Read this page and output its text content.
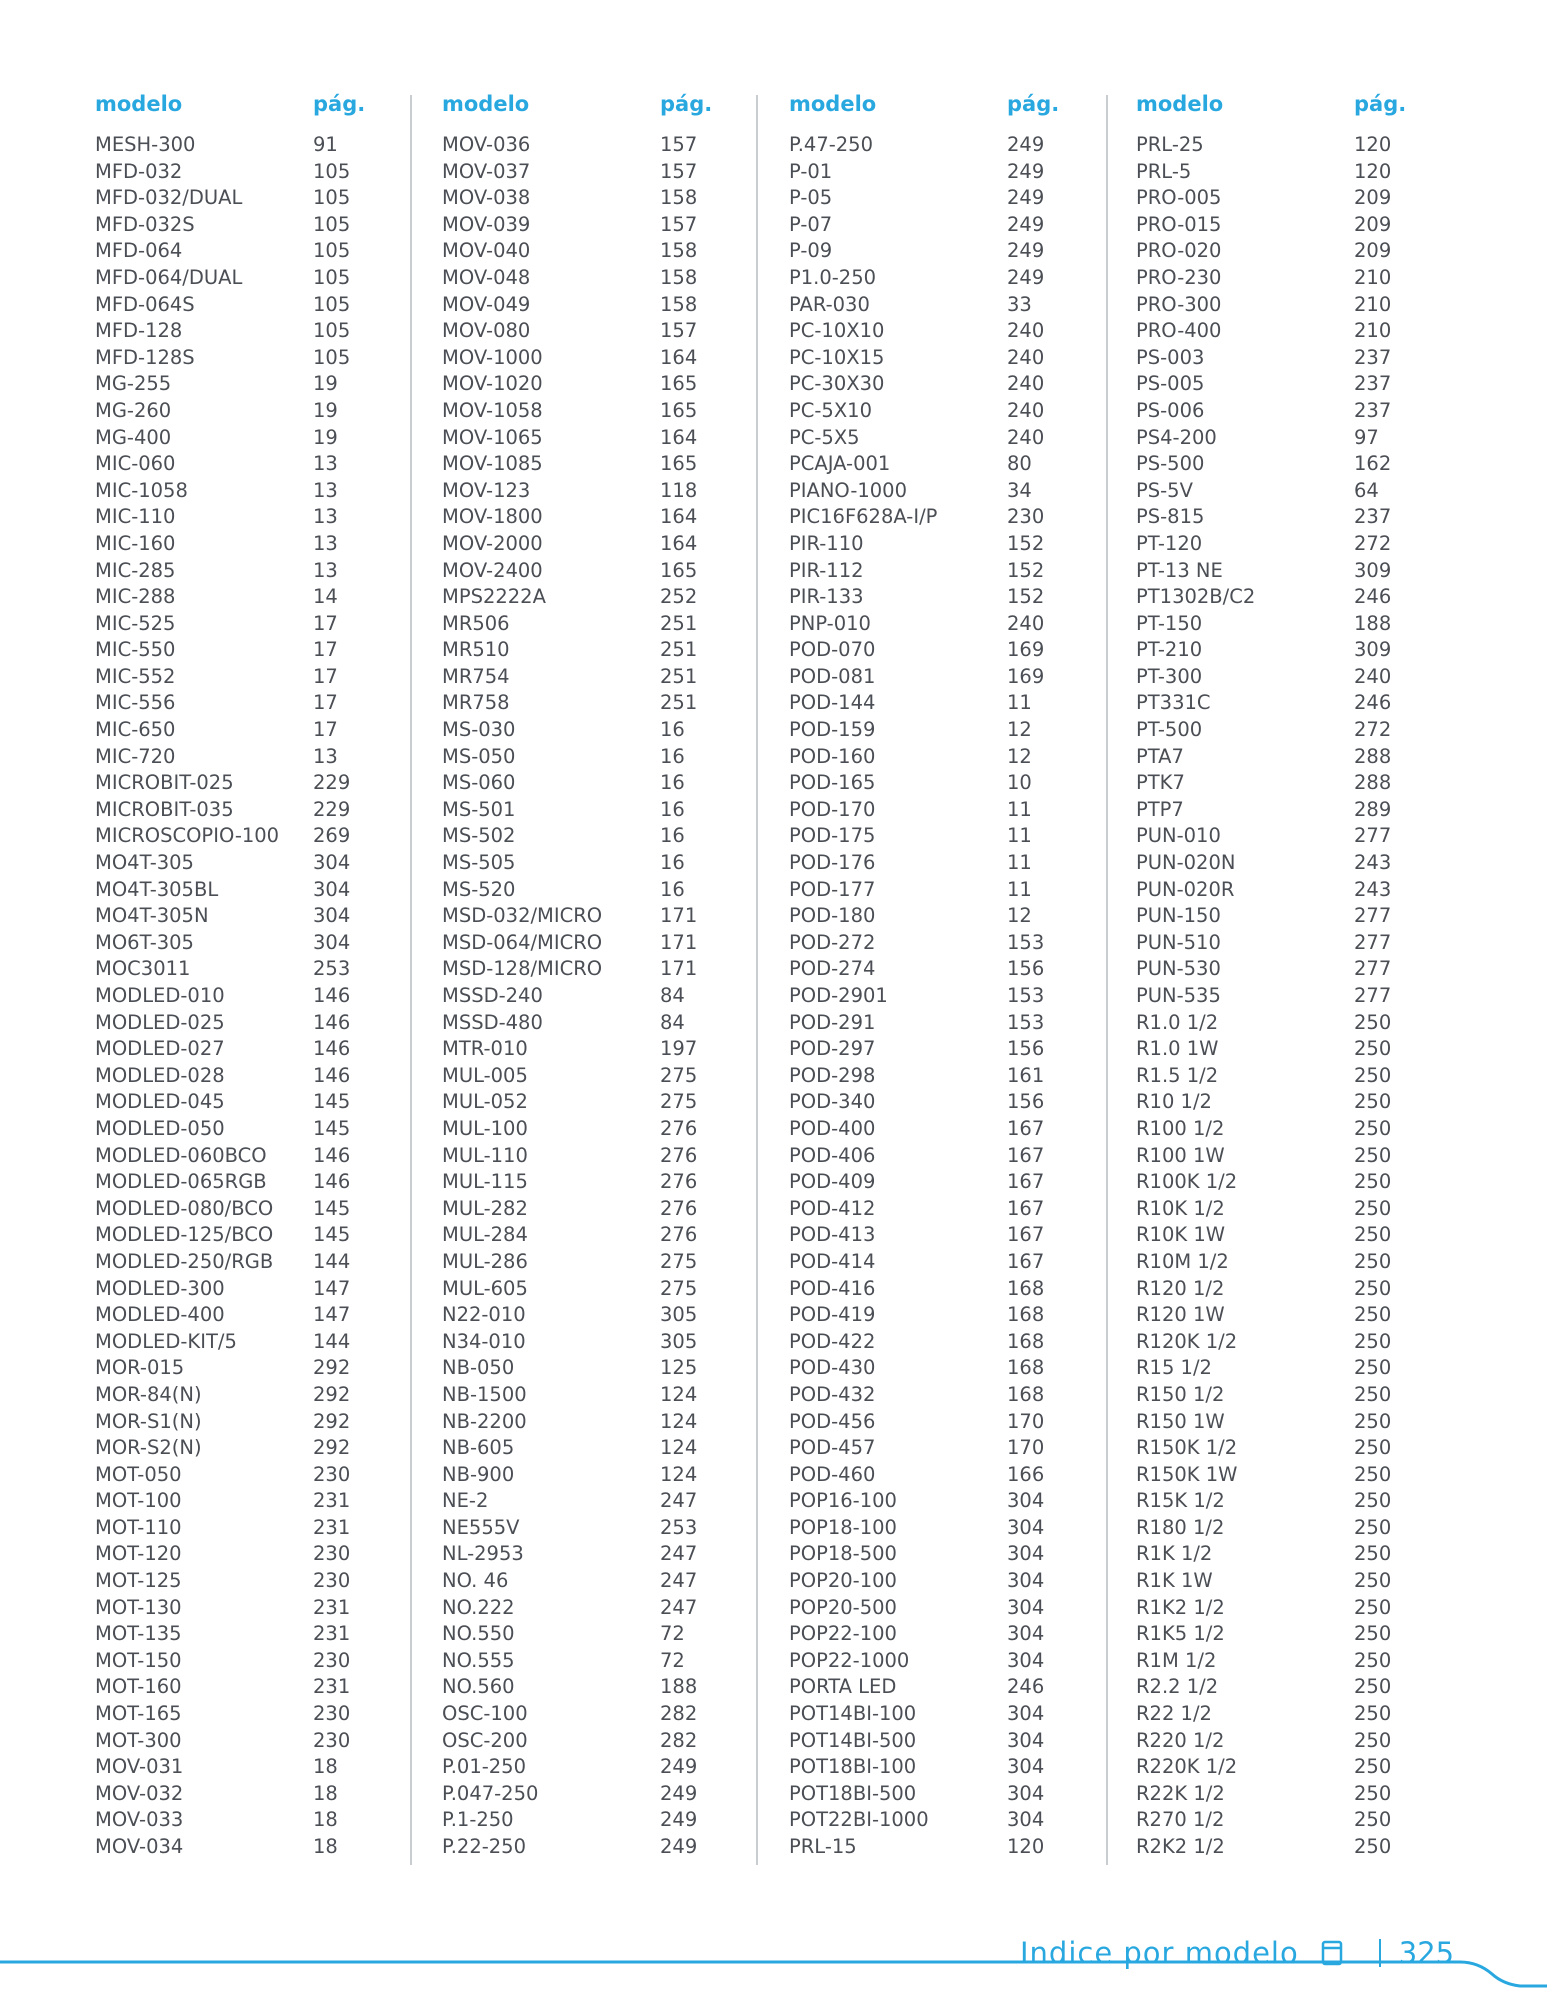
modelo	pág.
MESH-300	91
MFD-032	105
MFD-032/DUAL	105
MFD-032S	105
MFD-064	105
MFD-064/DUAL	105
MFD-064S	105
MFD-128	105
MFD-128S	105
MG-255	19
MG-260	19
MG-400	19
MIC-060	13
MIC-1058	13
MIC-110	13
MIC-160	13
MIC-285	13
MIC-288	14
MIC-525	17
MIC-550	17
MIC-552	17
MIC-556	17
MIC-650	17
MIC-720	13
MICROBIT-025	229
MICROBIT-035	229
MICROSCOPIO-100 269
MO4T-305	304
MO4T-305BL	304
MO4T-305N	304
MO6T-305	304
MOC3011	253
MODLED-010	146
MODLED-025	146
MODLED-027	146
MODLED-028	146
MODLED-045	145
MODLED-050	145
MODLED-060BCO 146
MODLED-065RGB 146
MODLED-080/BCO 145
MODLED-125/BCO 145
MODLED-250/RGB 144
MODLED-300	147
MODLED-400	147
MODLED-KIT/5	144
MOR-015	292
MOR-84(N)	292
MOR-S1(N)	292
MOR-S2(N)	292
MOT-050	230
MOT-100	231
MOT-110	231
MOT-120	230
MOT-125	230
MOT-130	231
MOT-135	231
MOT-150	230
MOT-160	231
MOT-165	230
MOT-300	230
MOV-031	18
MOV-032	18
MOV-033	18
MOV-034	18
modelo	pág.
MOV-036	157
MOV-037	157
MOV-038	158
MOV-039	157
MOV-040	158
MOV-048	158
MOV-049	158
MOV-080	157
MOV-1000	164
MOV-1020	165
MOV-1058	165
MOV-1065	164
MOV-1085	165
MOV-123	118
MOV-1800	164
MOV-2000	164
MOV-2400	165
MPS2222A	252
MR506	251
MR510	251
MR754	251
MR758	251
MS-030	16
MS-050	16
MS-060	16
MS-501	16
MS-502	16
MS-505	16
MS-520	16
MSD-032/MICRO	171
MSD-064/MICRO	171
MSD-128/MICRO	171
MSSD-240	84
MSSD-480	84
MTR-010	197
MUL-005	275
MUL-052	275
MUL-100	276
MUL-110	276
MUL-115	276
MUL-282	276
MUL-284	276
MUL-286	275
MUL-605	275
N22-010	305
N34-010	305
NB-050	125
NB-1500	124
NB-2200	124
NB-605	124
NB-900	124
NE-2	247
NE555V	253
NL-2953	247
NO. 46	247
NO.222	247
NO.550	72
NO.555	72
NO.560	188
OSC-100	282
OSC-200	282
P.01-250	249
P.047-250	249
P.1-250	249
P.22-250	249
modelo	pág.
P.47-250	249
P-01	249
P-05	249
P-07	249
P-09	249
P1.0-250	249
PAR-030	33
PC-10X10	240
PC-10X15	240
PC-30X30	240
PC-5X10	240
PC-5X5	240
PCAJA-001	80
PIANO-1000	34
PIC16F628A-I/P	230
PIR-110	152
PIR-112	152
PIR-133	152
PNP-010	240
POD-070	169
POD-081	169
POD-144	11
POD-159	12
POD-160	12
POD-165	10
POD-170	11
POD-175	11
POD-176	11
POD-177	11
POD-180	12
POD-272	153
POD-274	156
POD-2901	153
POD-291	153
POD-297	156
POD-298	161
POD-340	156
POD-400	167
POD-406	167
POD-409	167
POD-412	167
POD-413	167
POD-414	167
POD-416	168
POD-419	168
POD-422	168
POD-430	168
POD-432	168
POD-456	170
POD-457	170
POD-460	166
POP16-100	304
POP18-100	304
POP18-500	304
POP20-100	304
POP20-500	304
POP22-100	304
POP22-1000	304
PORTA LED	246
POT14BI-100	304
POT14BI-500	304
POT18BI-100	304
POT18BI-500	304
POT22BI-1000	304
PRL-15	120
modelo	pág.
PRL-25	120
PRL-5	120
PRO-005	209
PRO-015	209
PRO-020	209
PRO-230	210
PRO-300	210
PRO-400	210
PS-003	237
PS-005	237
PS-006	237
PS4-200	97
PS-500	162
PS-5V	64
PS-815	237
PT-120	272
PT-13 NE	309
PT1302B/C2	246
PT-150	188
PT-210	309
PT-300	240
PT331C	246
PT-500	272
PTA7	288
PTK7	288
PTP7	289
PUN-010	277
PUN-020N	243
PUN-020R	243
PUN-150	277
PUN-510	277
PUN-530	277
PUN-535	277
R1.0 1/2	250
R1.0 1W	250
R1.5 1/2	250
R10 1/2	250
R100 1/2	250
R100 1W	250
R100K 1/2	250
R10K 1/2	250
R10K 1W	250
R10M 1/2	250
R120 1/2	250
R120 1W	250
R120K 1/2	250
R15 1/2	250
R150 1/2	250
R150 1W	250
R150K 1/2	250
R150K 1W	250
R15K 1/2	250
R180 1/2	250
R1K 1/2	250
R1K 1W	250
R1K2 1/2	250
R1K5 1/2	250
R1M 1/2	250
R2.2 1/2	250
R22 1/2	250
R220 1/2	250
R220K 1/2	250
R22K 1/2	250
R270 1/2	250
R2K2 1/2	250
Indice por modelo	325
